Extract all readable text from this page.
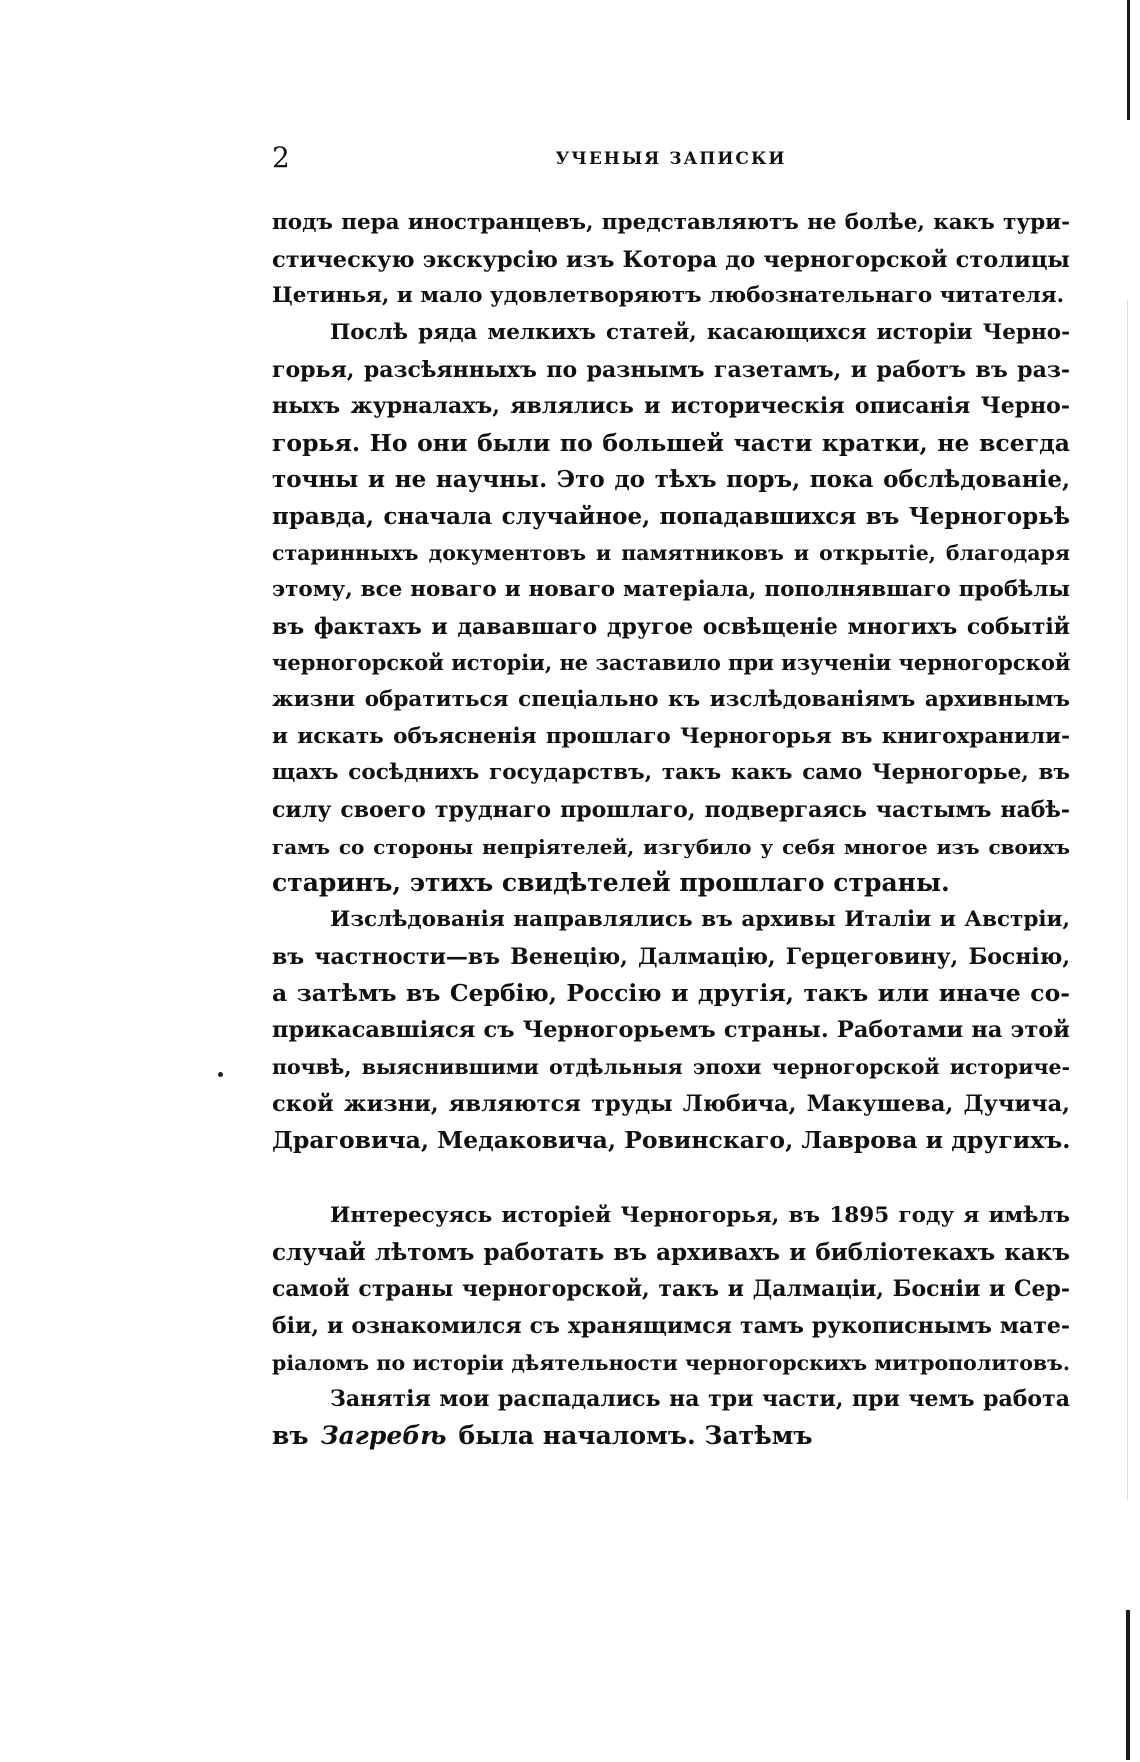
2	УЧЕНЫЯ ЗАПИСКИ
подъ пера иностранцевъ, представляютъ не болѣе, какъ тури-
стическую экскурсію изъ Котора до черногорской столицы
Цетинья, и мало удовлетворяютъ любознательнаго читателя.
Послѣ ряда мелкихъ статей, касающихся исторіи Черно-
горья, разсѣянныхъ по разнымъ газетамъ, и работъ въ раз-
ныхъ журналахъ, являлись и историческія описанія Черно-
горья. Но они были по большей части кратки, не всегда
точны и не научны. Это до тѣхъ поръ, пока обслѣдованіе,
правда, сначала случайное, попадавшихся въ Черногорьѣ
старинныхъ документовъ и памятниковъ и открытіе, благодаря
этому, все новаго и новаго матеріала, пополнявшаго пробѣлы
въ фактахъ и дававшаго другое освѣщеніе многихъ событій
черногорской исторіи, не заставило при изученіи черногорской
жизни обратиться спеціально къ изслѣдованіямъ архивнымъ
и искать объясненія прошлаго Черногорья въ книгохранили-
щахъ сосѣднихъ государствъ, такъ какъ само Черногорье, въ
силу своего труднаго прошлаго, подвергаясь частымъ набѣ-
гамъ со стороны непріятелей, изгубило у себя многое изъ своихъ
старинъ, этихъ свидѣтелей прошлаго страны.
Изслѣдованія направлялись въ архивы Италіи и Австріи,
въ частности—въ Венецію, Далмацію, Герцеговину, Боснію,
а затѣмъ въ Сербію, Россію и другія, такъ или иначе со-
прикасавшіяся съ Черногорьемъ страны. Работами на этой
почвѣ, выяснившими отдѣльныя эпохи черногорской историче-
ской жизни, являются труды Любича, Макушева, Дучича,
Драговича, Медаковича, Ровинскаго, Лаврова и другихъ.
Интересуясь исторіей Черногорья, въ 1895 году я имѣлъ
случай лѣтомъ работать въ архивахъ и библіотекахъ какъ
самой страны черногорской, такъ и Далмаціи, Босніи и Сер-
біи, и ознакомился съ хранящимся тамъ рукописнымъ мате-
ріаломъ по исторіи дѣятельности черногорскихъ митрополитовъ.
Занятія мои распадались на три части, при чемъ работа
въ Загребѣ была началомъ. Затѣмъ
